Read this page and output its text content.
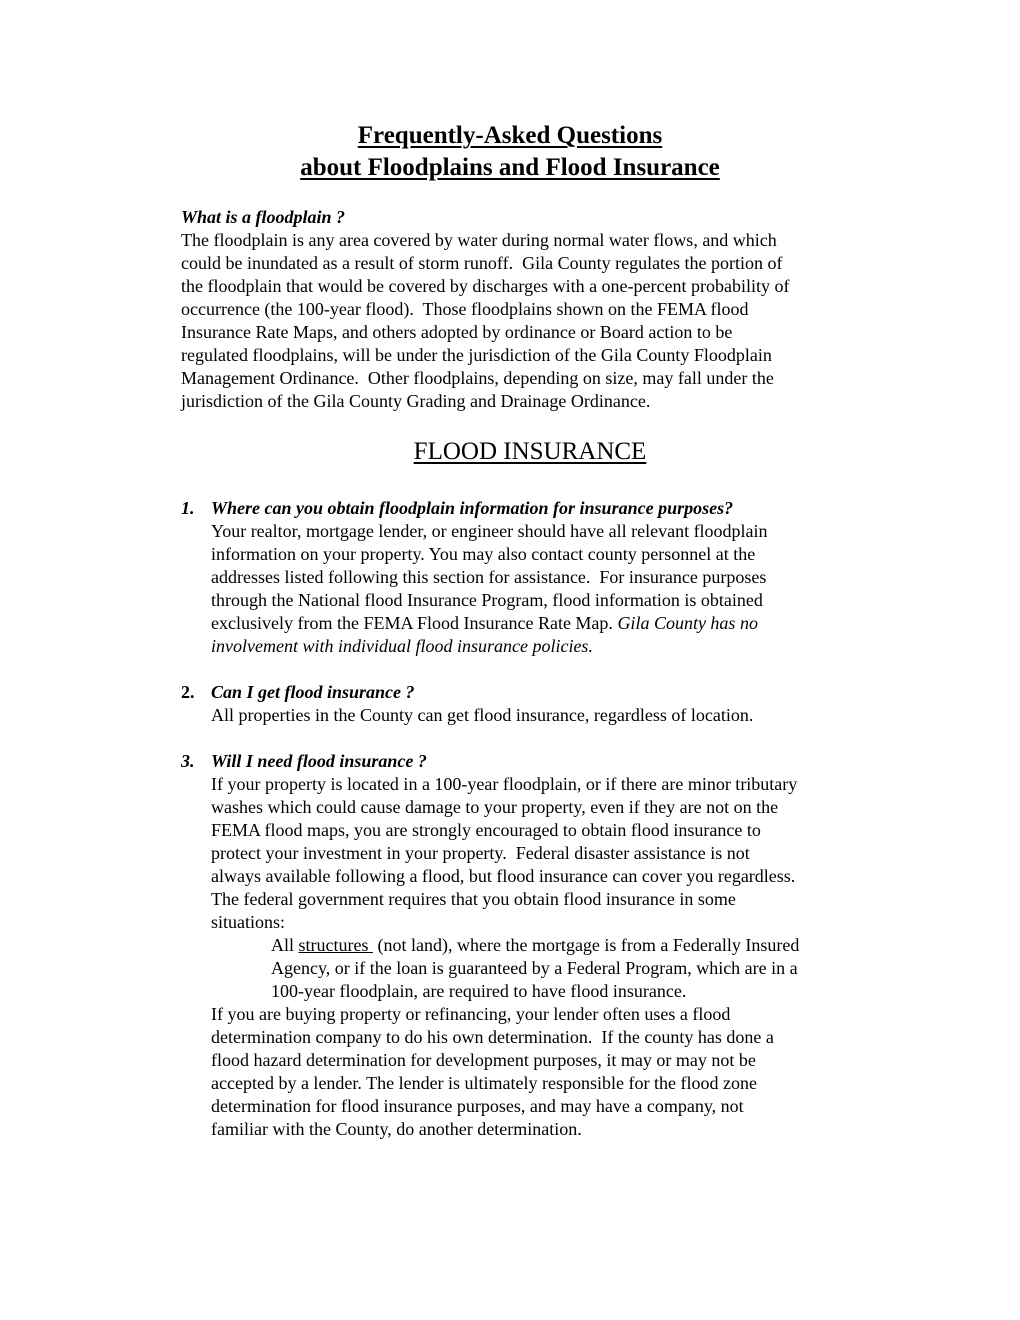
Frequently-Asked Questions
about Floodplains and Flood Insurance
What is a floodplain ?
The floodplain is any area covered by water during normal water flows, and which
could be inundated as a result of storm runoff.  Gila County regulates the portion of
the floodplain that would be covered by discharges with a one-percent probability of
occurrence (the 100-year flood).  Those floodplains shown on the FEMA flood
Insurance Rate Maps, and others adopted by ordinance or Board action to be
regulated floodplains, will be under the jurisdiction of the Gila County Floodplain
Management Ordinance.  Other floodplains, depending on size, may fall under the
jurisdiction of the Gila County Grading and Drainage Ordinance.
FLOOD INSURANCE
1. Where can you obtain floodplain information for insurance purposes?
Your realtor, mortgage lender, or engineer should have all relevant floodplain
information on your property. You may also contact county personnel at the
addresses listed following this section for assistance.  For insurance purposes
through the National flood Insurance Program, flood information is obtained
exclusively from the FEMA Flood Insurance Rate Map. Gila County has no
involvement with individual flood insurance policies.
2. Can I get flood insurance ?
All properties in the County can get flood insurance, regardless of location.
3. Will I need flood insurance ?
If your property is located in a 100-year floodplain, or if there are minor tributary
washes which could cause damage to your property, even if they are not on the
FEMA flood maps, you are strongly encouraged to obtain flood insurance to
protect your investment in your property.  Federal disaster assistance is not
always available following a flood, but flood insurance can cover you regardless.
The federal government requires that you obtain flood insurance in some
situations:
All structures  (not land), where the mortgage is from a Federally Insured
Agency, or if the loan is guaranteed by a Federal Program, which are in a
100-year floodplain, are required to have flood insurance.
If you are buying property or refinancing, your lender often uses a flood
determination company to do his own determination.  If the county has done a
flood hazard determination for development purposes, it may or may not be
accepted by a lender. The lender is ultimately responsible for the flood zone
determination for flood insurance purposes, and may have a company, not
familiar with the County, do another determination.
